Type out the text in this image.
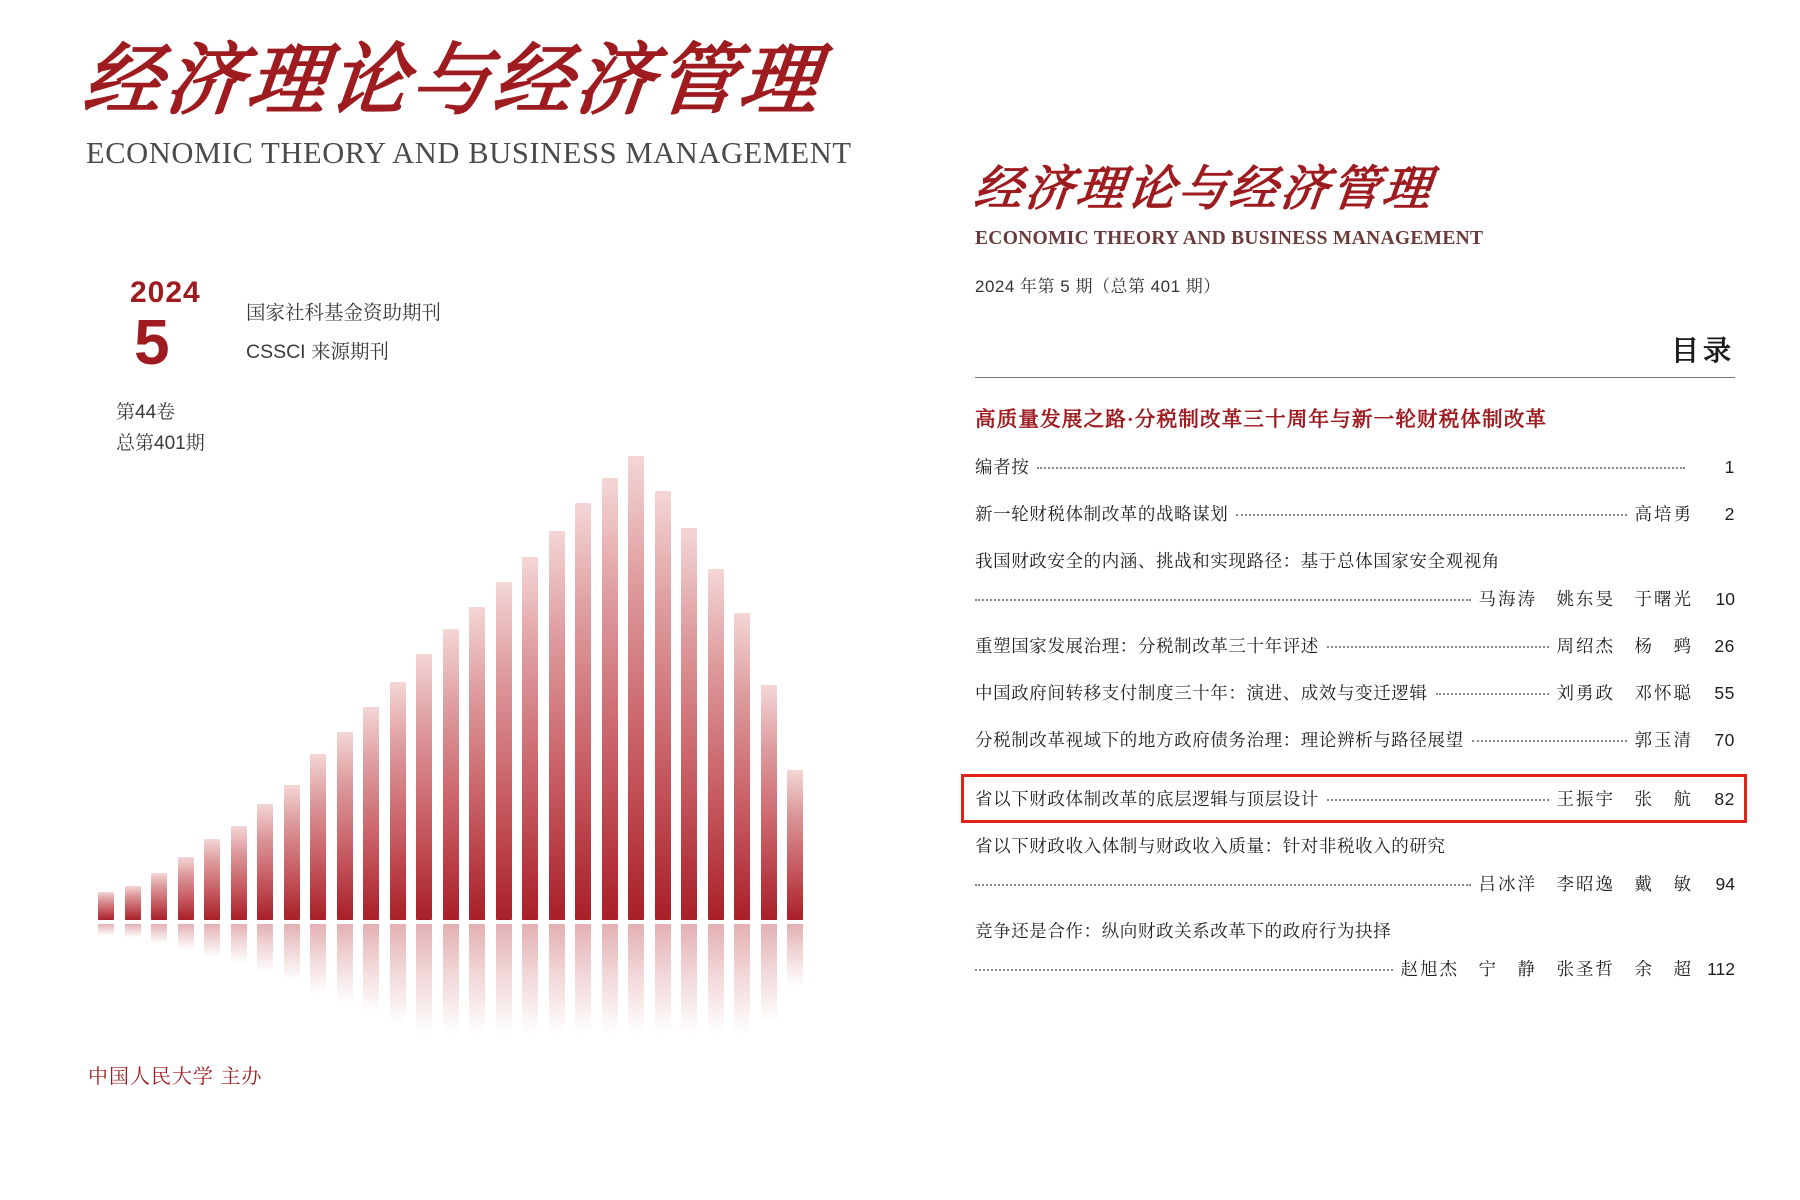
经济理论与经济管理
ECONOMIC THEORY AND BUSINESS MANAGEMENT
2024
5	国家社科基金资助期刊
CSSCI 来源期刊
第44卷
总第401期
中国人民大学 主办
经济理论与经济管理
ECONOMIC THEORY AND BUSINESS MANAGEMENT
2024 年第 5 期（总第 401 期）
目录
高质量发展之路·分税制改革三十周年与新一轮财税体制改革
编者按	1
新一轮财税体制改革的战略谋划	高培勇	2
我国财政安全的内涵、挑战和实现路径：基于总体国家安全观视角
马海涛　姚东旻　于曙光	10
重塑国家发展治理：分税制改革三十年评述	周绍杰　杨　鹀	26
中国政府间转移支付制度三十年：演进、成效与变迁逻辑	刘勇政　邓怀聪	55
分税制改革视域下的地方政府债务治理：理论辨析与路径展望	郭玉清	70
省以下财政体制改革的底层逻辑与顶层设计	王振宇　张　航	82
省以下财政收入体制与财政收入质量：针对非税收入的研究
吕冰洋　李昭逸　戴　敏	94
竞争还是合作：纵向财政关系改革下的政府行为抉择
赵旭杰　宁　静　张圣哲　余　超 112
